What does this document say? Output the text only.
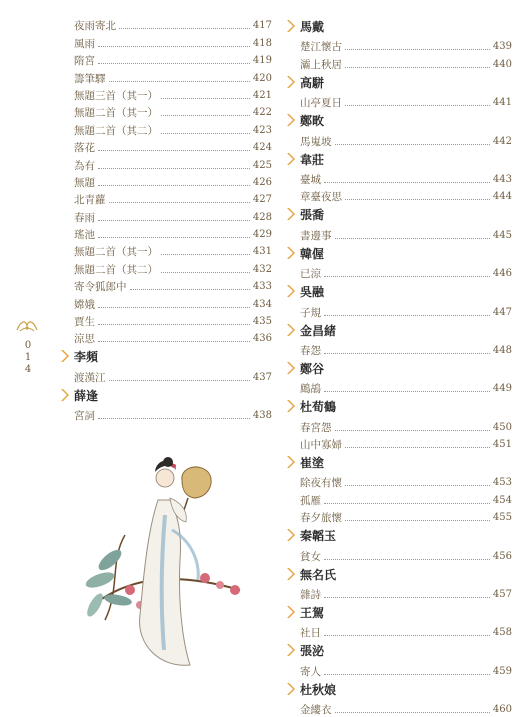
夜雨寄北	417
風雨	418
隋宮	419
籌筆驛	420
無題三首（其一）	421
無題二首（其一）	422
無題二首（其二）	423
落花	424
為有	425
無題	426
北青蘿	427
春雨	428
瑤池	429
無題二首（其一）	431
無題二首（其二）	432
寄令狐郎中	433
嫦娥	434
賈生	435
涼思	436
李頻
渡漢江	437
薛逢
宮詞	438
馬戴
楚江懷古	439
灞上秋居	440
高駢
山亭夏日	441
鄭畋
馬嵬坡	442
韋莊
臺城	443
章臺夜思	444
張喬
書邊事	445
韓偓
已涼	446
吳融
子規	447
金昌緒
春怨	448
鄭谷
鷓鴣	449
杜荀鶴
春宮怨	450
山中寡婦	451
崔塗
除夜有懷	453
孤雁	454
春夕旅懷	455
秦韜玉
貧女	456
無名氏
雜詩	457
王駕
社日	458
張泌
寄人	459
杜秋娘
金縷衣	460
014
